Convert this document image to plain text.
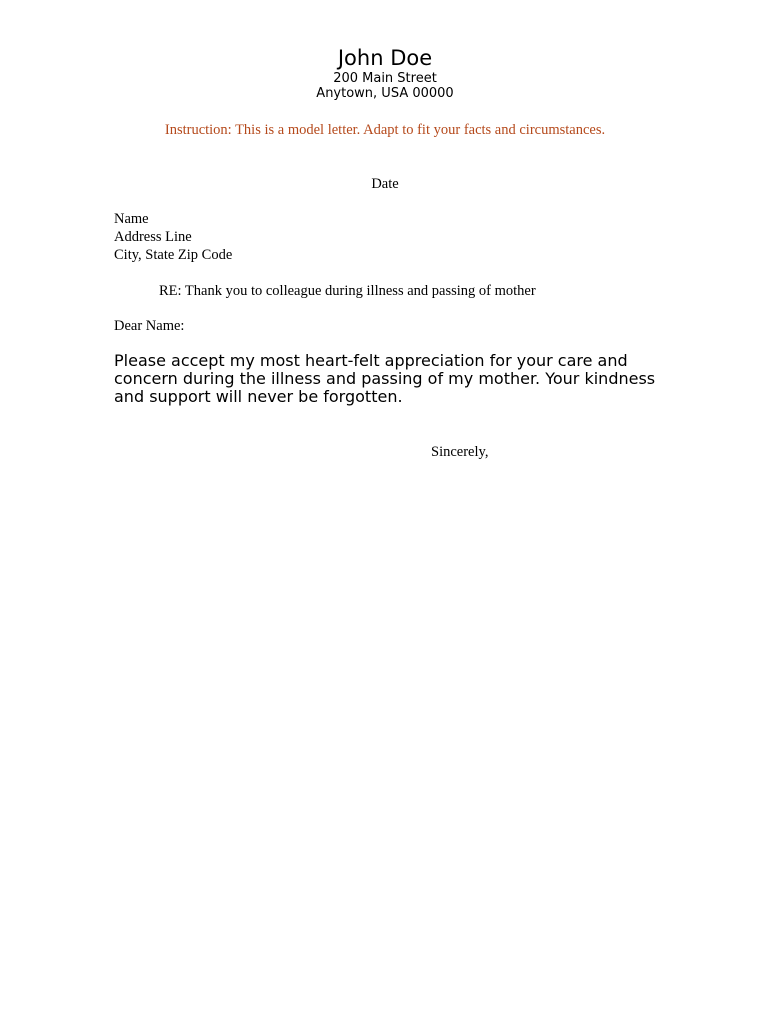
John Doe
200 Main Street
Anytown, USA 00000
Instruction: This is a model letter. Adapt to fit your facts and circumstances.
Date
Name
Address Line
City, State Zip Code
RE: Thank you to colleague during illness and passing of mother
Dear Name:
Please accept my most heart-felt appreciation for your care and
concern during the illness and passing of my mother. Your kindness
and support will never be forgotten.
Sincerely,
